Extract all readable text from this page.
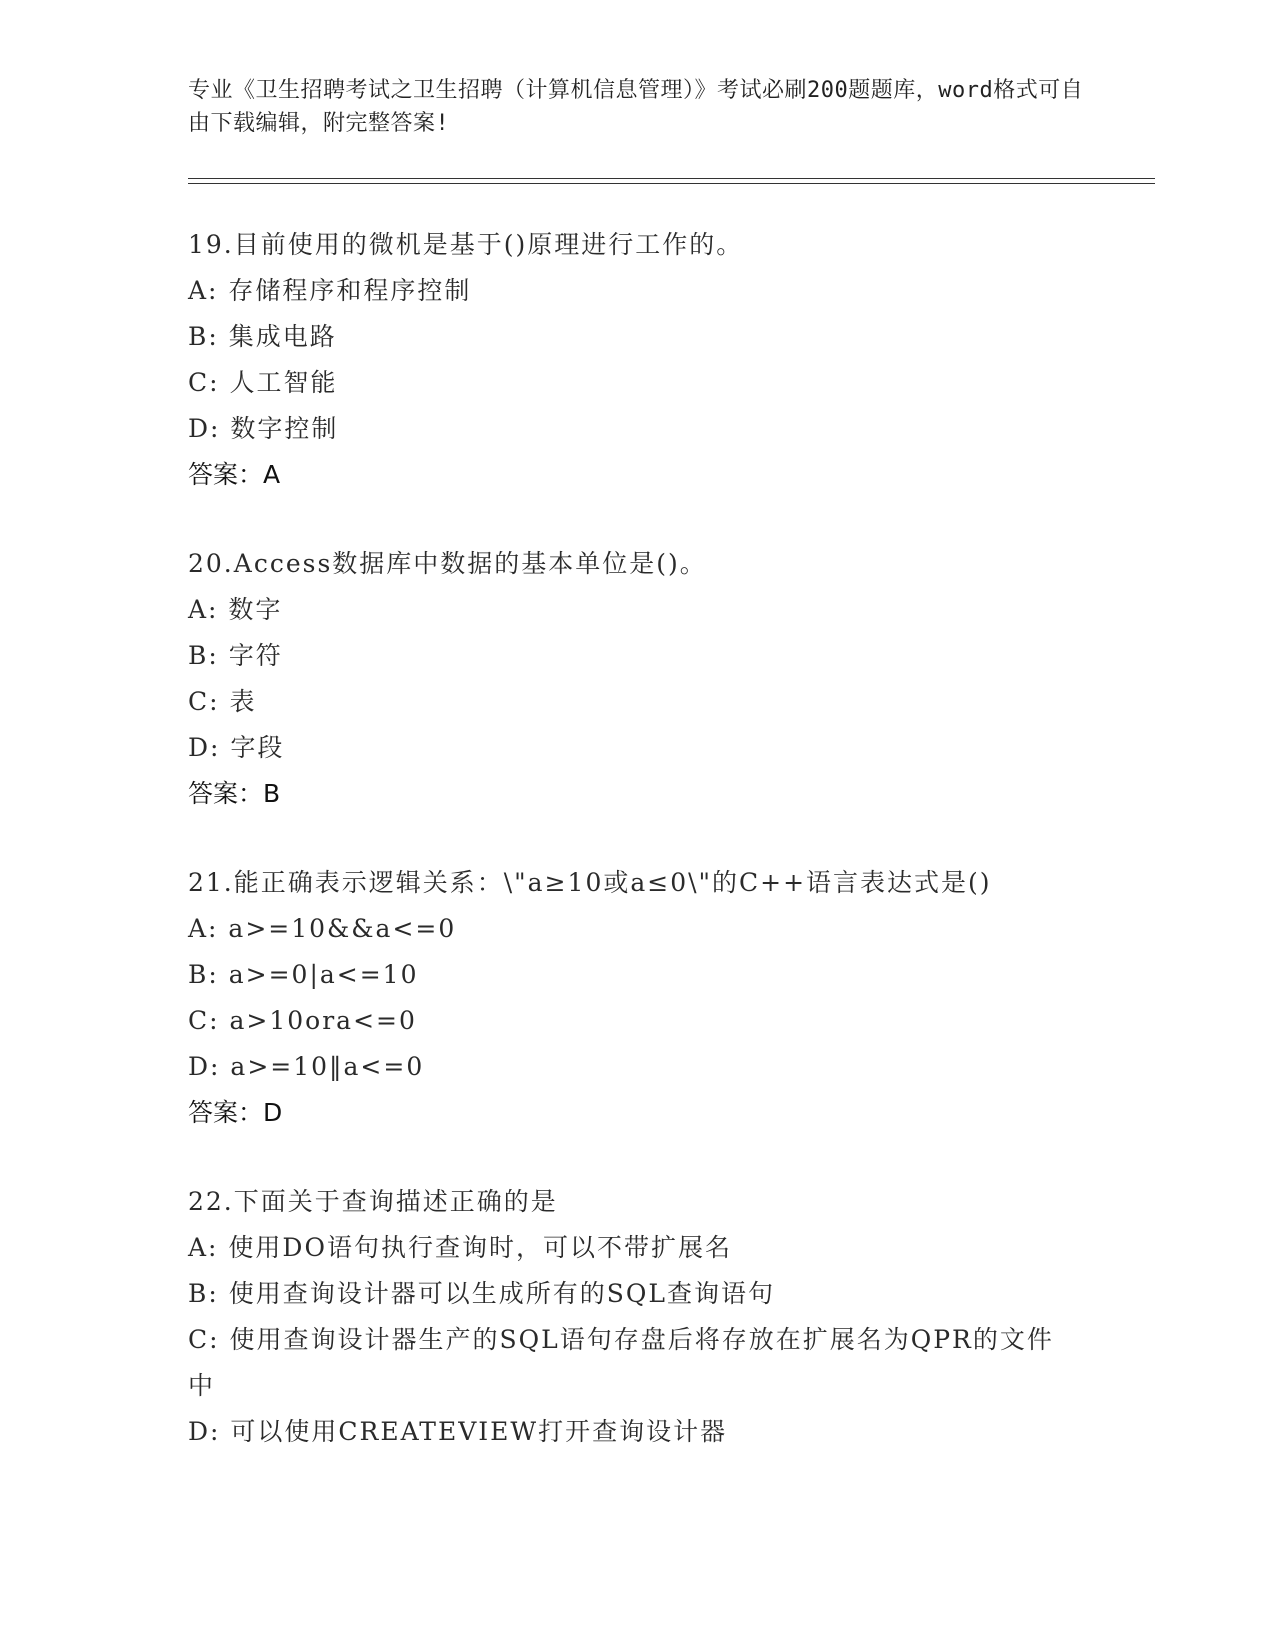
专业《卫生招聘考试之卫生招聘（计算机信息管理）》考试必刷200题题库，word格式可自由下载编辑，附完整答案!
19.目前使用的微机是基于()原理进行工作的。
A: 存储程序和程序控制
B: 集成电路
C: 人工智能
D: 数字控制
答案：A
20.Access数据库中数据的基本单位是()。
A: 数字
B: 字符
C: 表
D: 字段
答案：B
21.能正确表示逻辑关系：\"a≥10或a≤0\"的C++语言表达式是()
A: a>=10&&a<=0
B: a>=0|a<=10
C: a>10ora<=0
D: a>=10‖a<=0
答案：D
22.下面关于查询描述正确的是
A: 使用DO语句执行查询时，可以不带扩展名
B: 使用查询设计器可以生成所有的SQL查询语句
C: 使用查询设计器生产的SQL语句存盘后将存放在扩展名为QPR的文件中
D: 可以使用CREATEVIEW打开查询设计器
